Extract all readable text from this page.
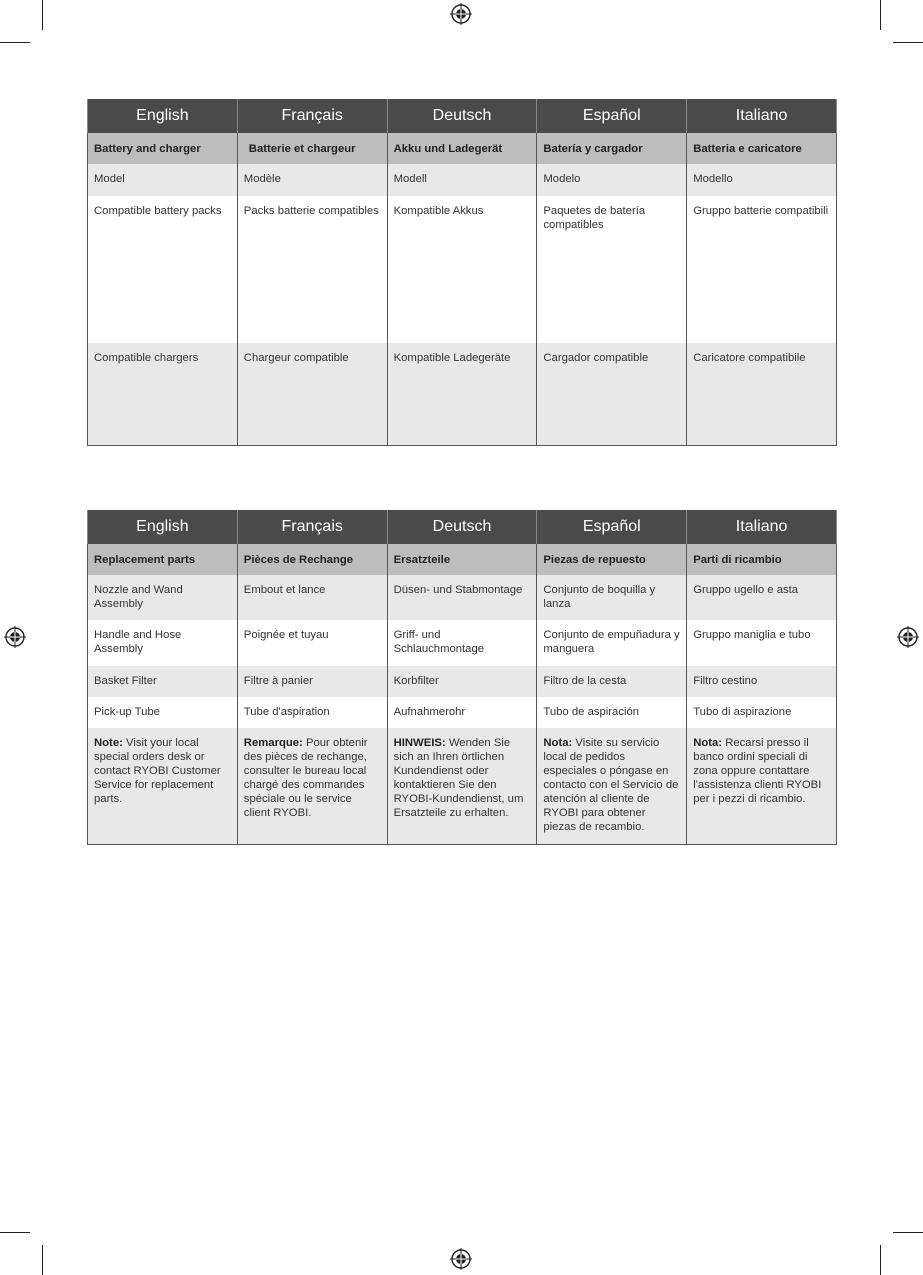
English	Français	Deutsch	Español	Italiano
Battery and charger	Batterie et chargeur	Akku und Ladegerät	Batería y cargador	Batteria e caricatore
Model	Modèle	Modell	Modelo	Modello
Compatible battery packs	Packs batterie compatibles	Kompatible Akkus	Paquetes de batería compatibles	Gruppo batterie compatibili
Compatible chargers	Chargeur compatible	Kompatible Ladegeräte	Cargador compatible	Caricatore compatibile
English	Français	Deutsch	Español	Italiano
Replacement parts	Pièces de Rechange	Ersatzteile	Piezas de repuesto	Parti di ricambio
Nozzle and Wand Assembly	Embout et lance	Düsen- und Stabmontage	Conjunto de boquilla y lanza	Gruppo ugello e asta
Handle and Hose Assembly	Poignée et tuyau	Griff- und Schlauchmontage	Conjunto de empuñadura y manguera	Gruppo maniglia e tubo
Basket Filter	Filtre à panier	Korbfilter	Filtro de la cesta	Filtro cestino
Pick-up Tube	Tube d'aspiration	Aufnahmerohr	Tubo de aspiración	Tubo di aspirazione
Note: Visit your local special orders desk or contact RYOBI Customer Service for replacement parts.	Remarque: Pour obtenir des pièces de rechange, consulter le bureau local chargé des commandes spéciale ou le service client RYOBI.	HINWEIS: Wenden Sie sich an Ihren örtlichen Kundendienst oder kontaktieren Sie den RYOBI-Kundendienst, um Ersatzteile zu erhalten.	Nota: Visite su servicio local de pedidos especiales o póngase en contacto con el Servicio de atención al cliente de RYOBI para obtener piezas de recambio.	Nota: Recarsi presso il banco ordini speciali di zona oppure contattare l'assistenza clienti RYOBI per i pezzi di ricambio.
